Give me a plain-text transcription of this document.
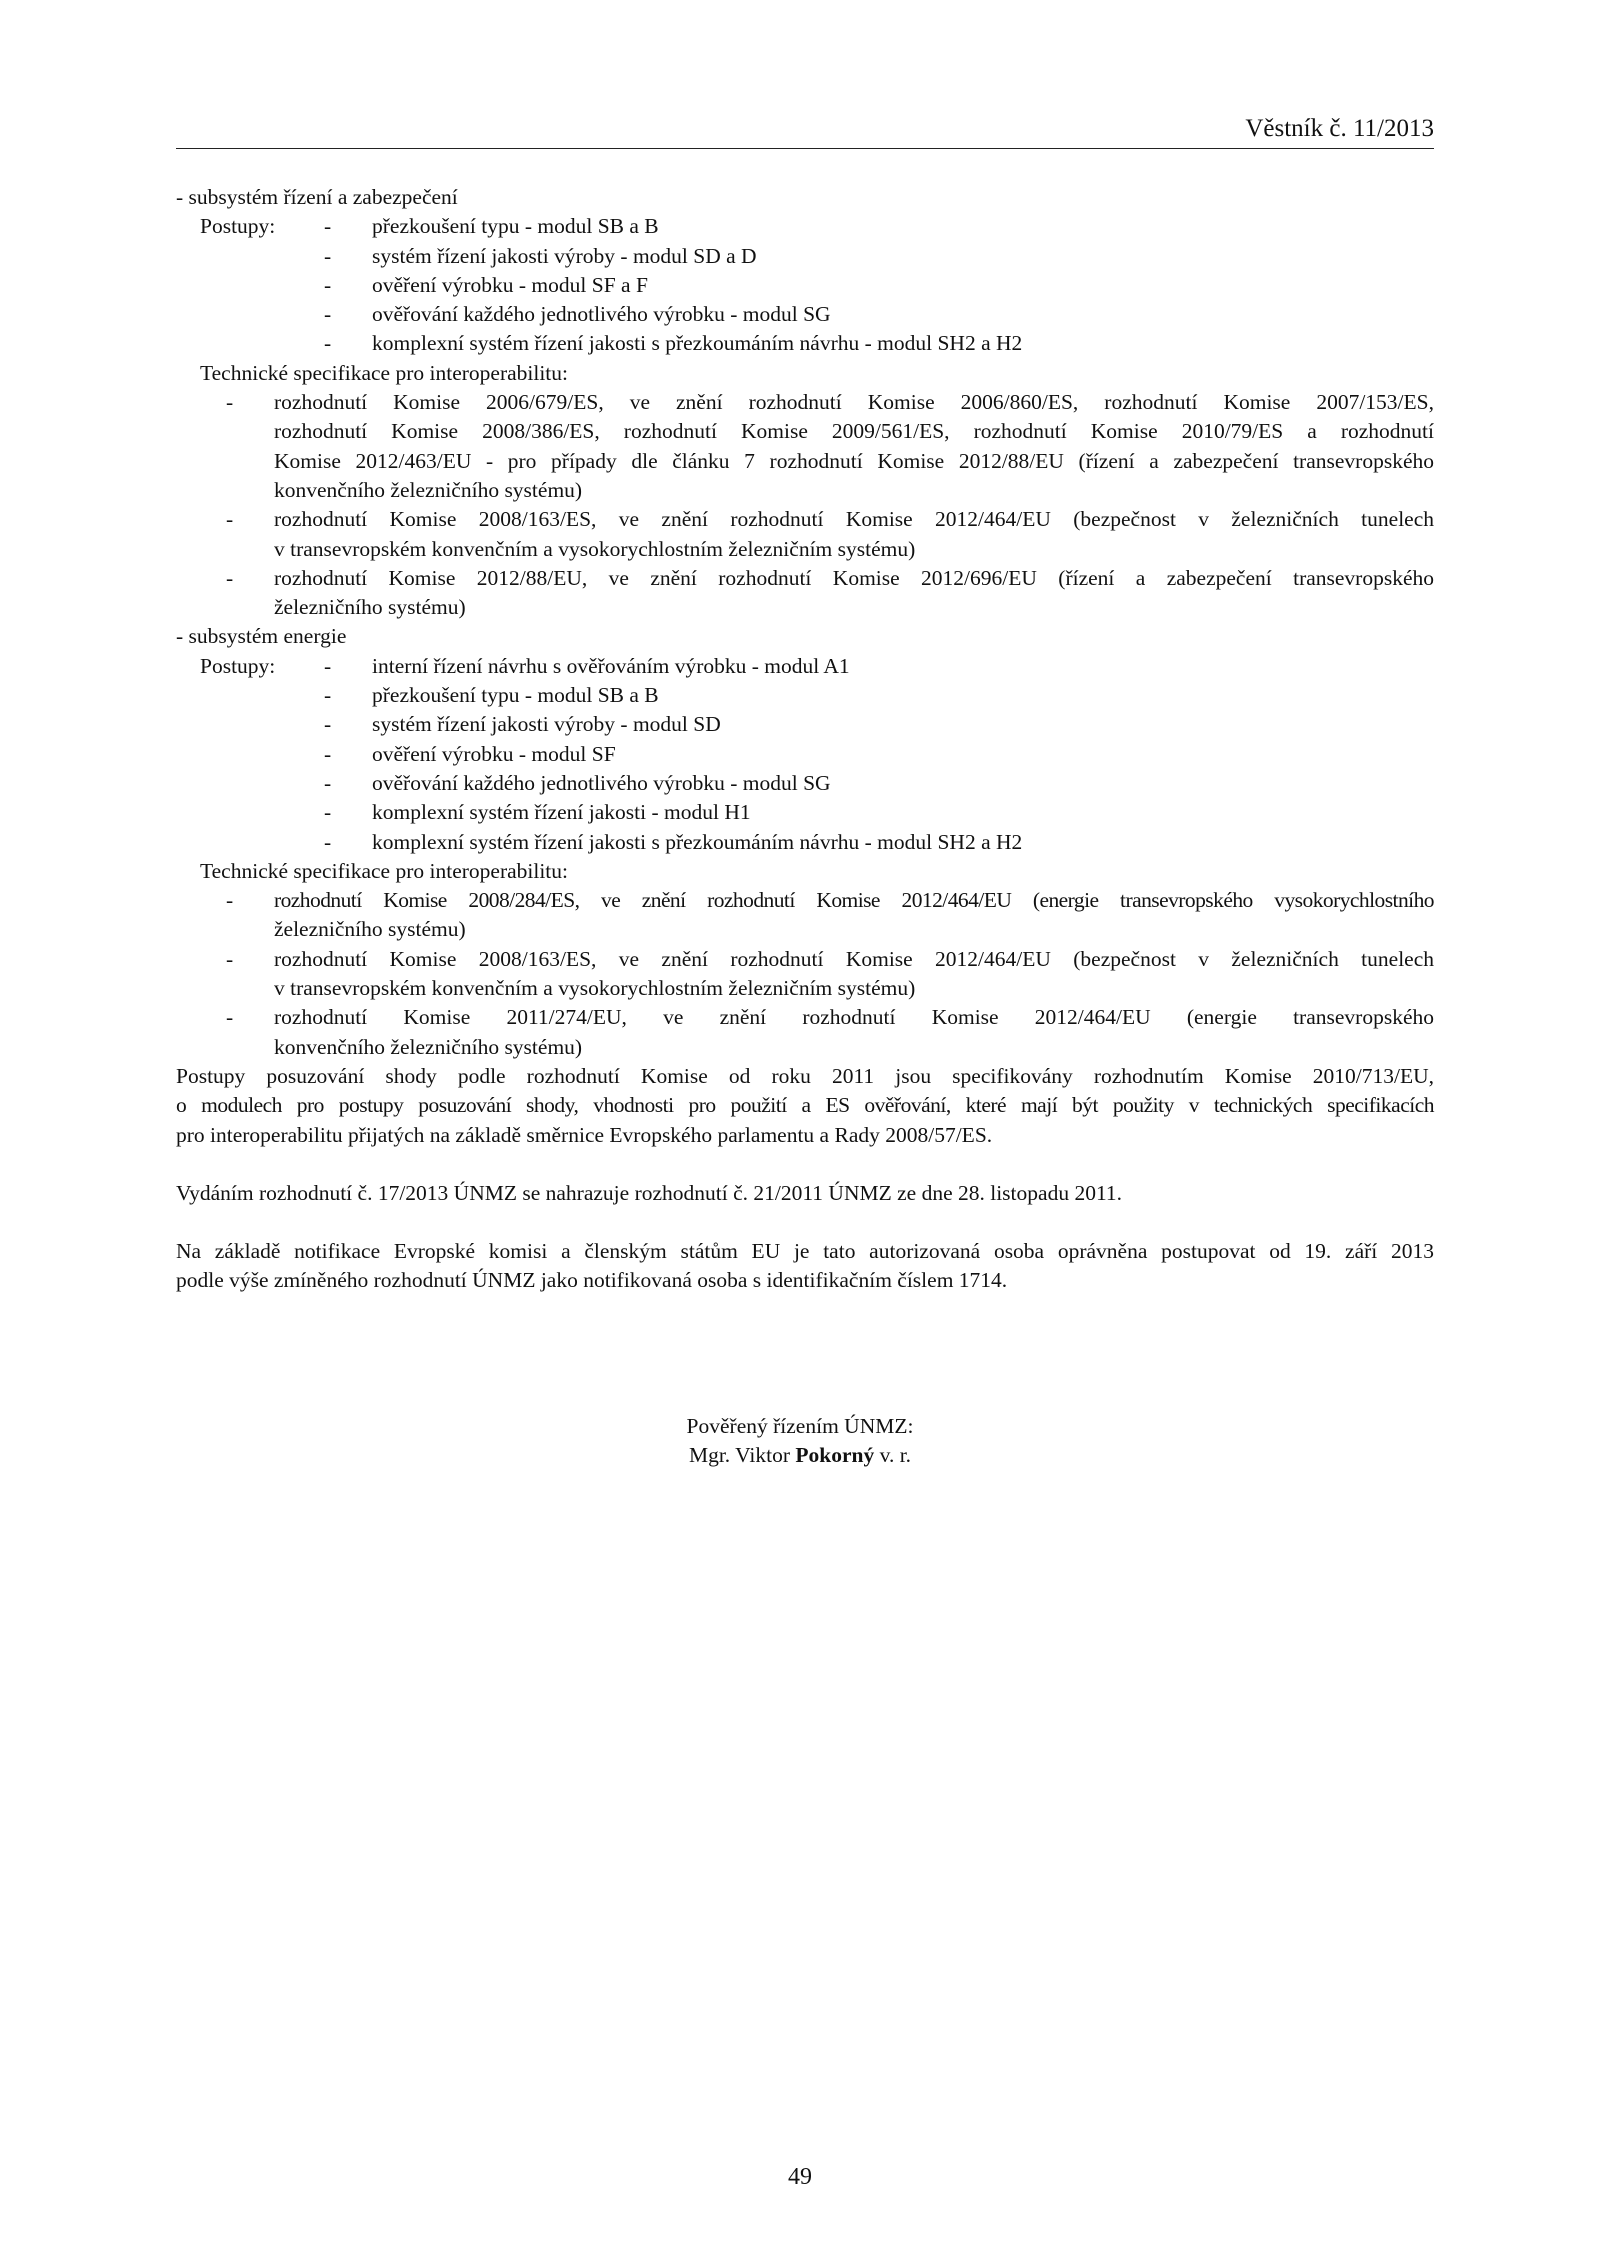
Věstník č. 11/2013
- subsystém řízení a zabezpečení
Postupy:	-	přezkoušení typu - modul SB a B
-	systém řízení jakosti výroby - modul SD a D
-	ověření výrobku - modul SF a F
-	ověřování každého jednotlivého výrobku - modul SG
-	komplexní systém řízení jakosti s přezkoumáním návrhu - modul SH2 a H2
Technické specifikace pro interoperabilitu:
-	rozhodnutí Komise 2006/679/ES, ve znění rozhodnutí Komise 2006/860/ES, rozhodnutí Komise 2007/153/ES,
rozhodnutí Komise 2008/386/ES, rozhodnutí Komise 2009/561/ES, rozhodnutí Komise 2010/79/ES a rozhodnutí
Komise 2012/463/EU - pro případy dle článku 7 rozhodnutí Komise 2012/88/EU (řízení a zabezpečení transevropského
konvenčního železničního systému)
-	rozhodnutí Komise 2008/163/ES, ve znění rozhodnutí Komise 2012/464/EU (bezpečnost v železničních tunelech
v transevropském konvenčním a vysokorychlostním železničním systému)
-	rozhodnutí Komise 2012/88/EU, ve znění rozhodnutí Komise 2012/696/EU (řízení a zabezpečení transevropského
železničního systému)
- subsystém energie
Postupy:	-	interní řízení návrhu s ověřováním výrobku - modul A1
-	přezkoušení typu - modul SB a B
-	systém řízení jakosti výroby - modul SD
-	ověření výrobku - modul SF
-	ověřování každého jednotlivého výrobku - modul SG
-	komplexní systém řízení jakosti - modul H1
-	komplexní systém řízení jakosti s přezkoumáním návrhu - modul SH2 a H2
Technické specifikace pro interoperabilitu:
-	rozhodnutí Komise 2008/284/ES, ve znění rozhodnutí Komise 2012/464/EU (energie transevropského vysokorychlostního
železničního systému)
-	rozhodnutí Komise 2008/163/ES, ve znění rozhodnutí Komise 2012/464/EU (bezpečnost v železničních tunelech
v transevropském konvenčním a vysokorychlostním železničním systému)
-	rozhodnutí Komise 2011/274/EU, ve znění rozhodnutí Komise 2012/464/EU (energie transevropského
konvenčního železničního systému)
Postupy posuzování shody podle rozhodnutí Komise od roku 2011 jsou specifikovány rozhodnutím Komise 2010/713/EU,
o modulech pro postupy posuzování shody, vhodnosti pro použití a ES ověřování, které mají být použity v technických specifikacích
pro interoperabilitu přijatých na základě směrnice Evropského parlamentu a Rady 2008/57/ES.
Vydáním rozhodnutí č. 17/2013 ÚNMZ se nahrazuje rozhodnutí č. 21/2011 ÚNMZ ze dne 28. listopadu 2011.
Na základě notifikace Evropské komisi a členským státům EU je tato autorizovaná osoba oprávněna postupovat od 19. září 2013
podle výše zmíněného rozhodnutí ÚNMZ jako notifikovaná osoba s identifikačním číslem 1714.
Pověřený řízením ÚNMZ:
Mgr. Viktor Pokorný v. r.
49
